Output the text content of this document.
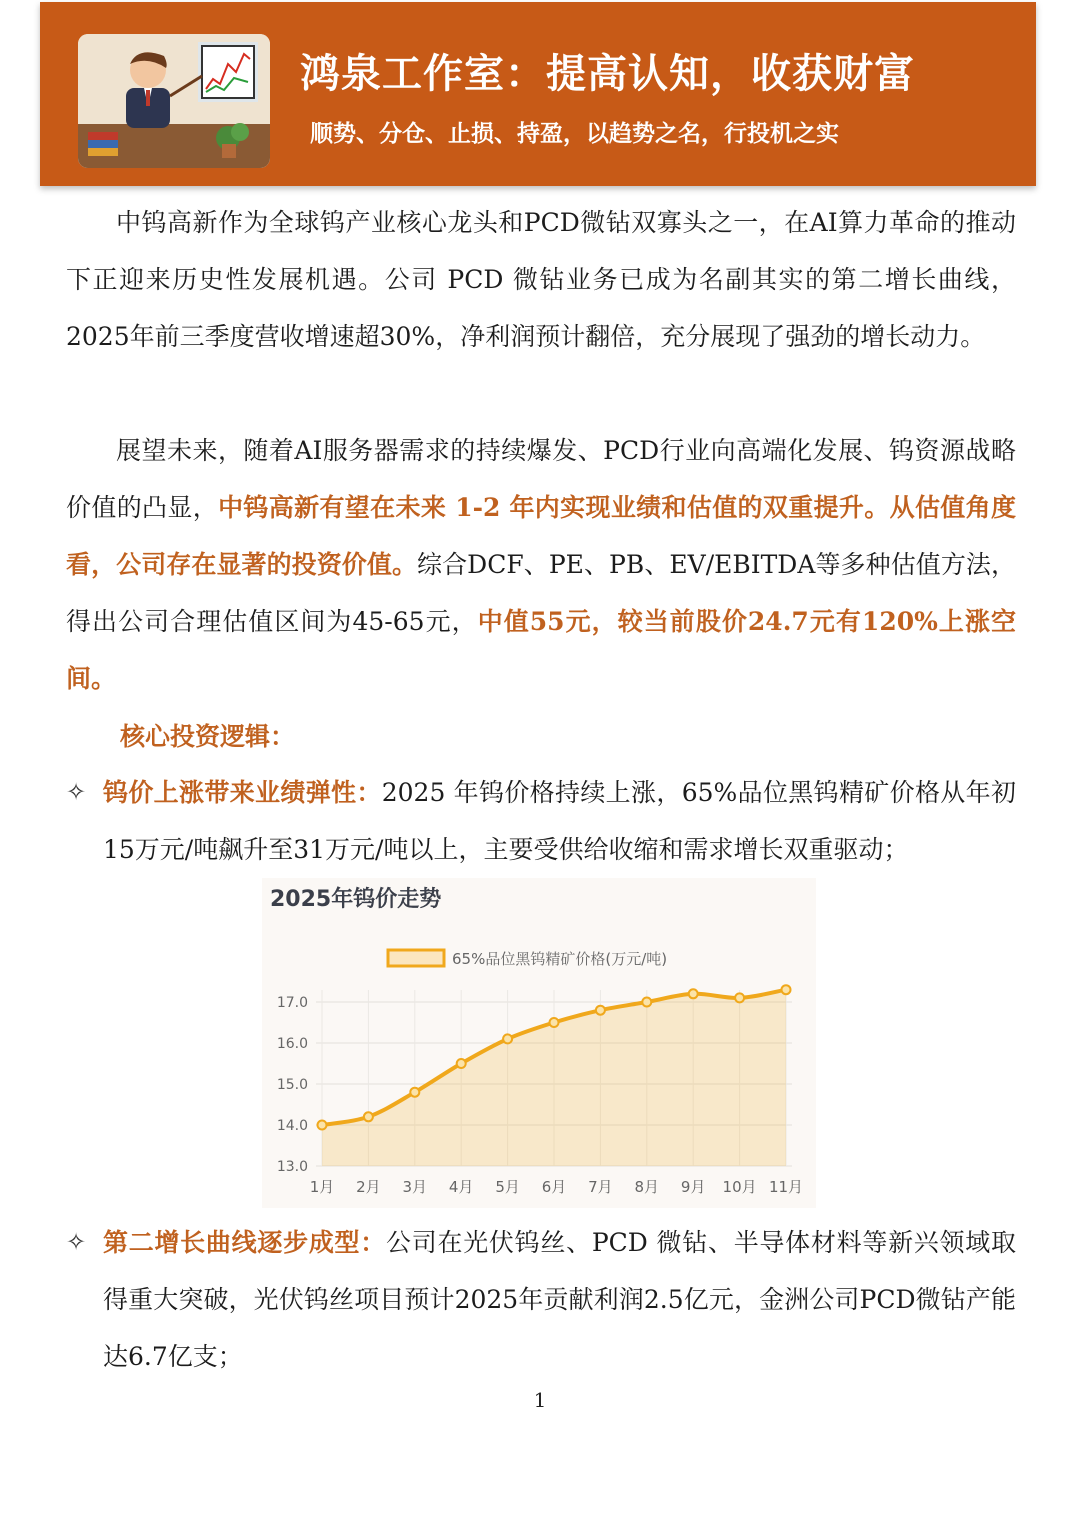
鸿泉工作室：提高认知，收获财富
顺势、分仓、止损、持盈，以趋势之名，行投机之实

中钨高新作为全球钨产业核心龙头和PCD微钻双寡头之一，在AI算力革命的推动下正迎来历史性发展机遇。公司 PCD 微钻业务已成为名副其实的第二增长曲线，2025年前三季度营收增速超30%，净利润预计翻倍，充分展现了强劲的增长动力。

展望未来，随着AI服务器需求的持续爆发、PCD行业向高端化发展、钨资源战略价值的凸显，中钨高新有望在未来 1-2 年内实现业绩和估值的双重提升。从估值角度看，公司存在显著的投资价值。综合DCF、PE、PB、EV/EBITDA等多种估值方法，得出公司合理估值区间为45-65元，中值55元，较当前股价24.7元有120%上涨空间。

核心投资逻辑：
✧ 钨价上涨带来业绩弹性：2025 年钨价格持续上涨，65%品位黑钨精矿价格从年初15万元/吨飙升至31万元/吨以上，主要受供给收缩和需求增长双重驱动；

2025年钨价走势
65%品位黑钨精矿价格(万元/吨)
13.0
14.0
15.0
16.0
17.0
1月 2月 3月 4月 5月 6月 7月 8月 9月 10月 11月
✧ 第二增长曲线逐步成型：公司在光伏钨丝、PCD 微钻、半导体材料等新兴领域取得重大突破，光伏钨丝项目预计2025年贡献利润2.5亿元，金洲公司PCD微钻产能达6.7亿支；

1
